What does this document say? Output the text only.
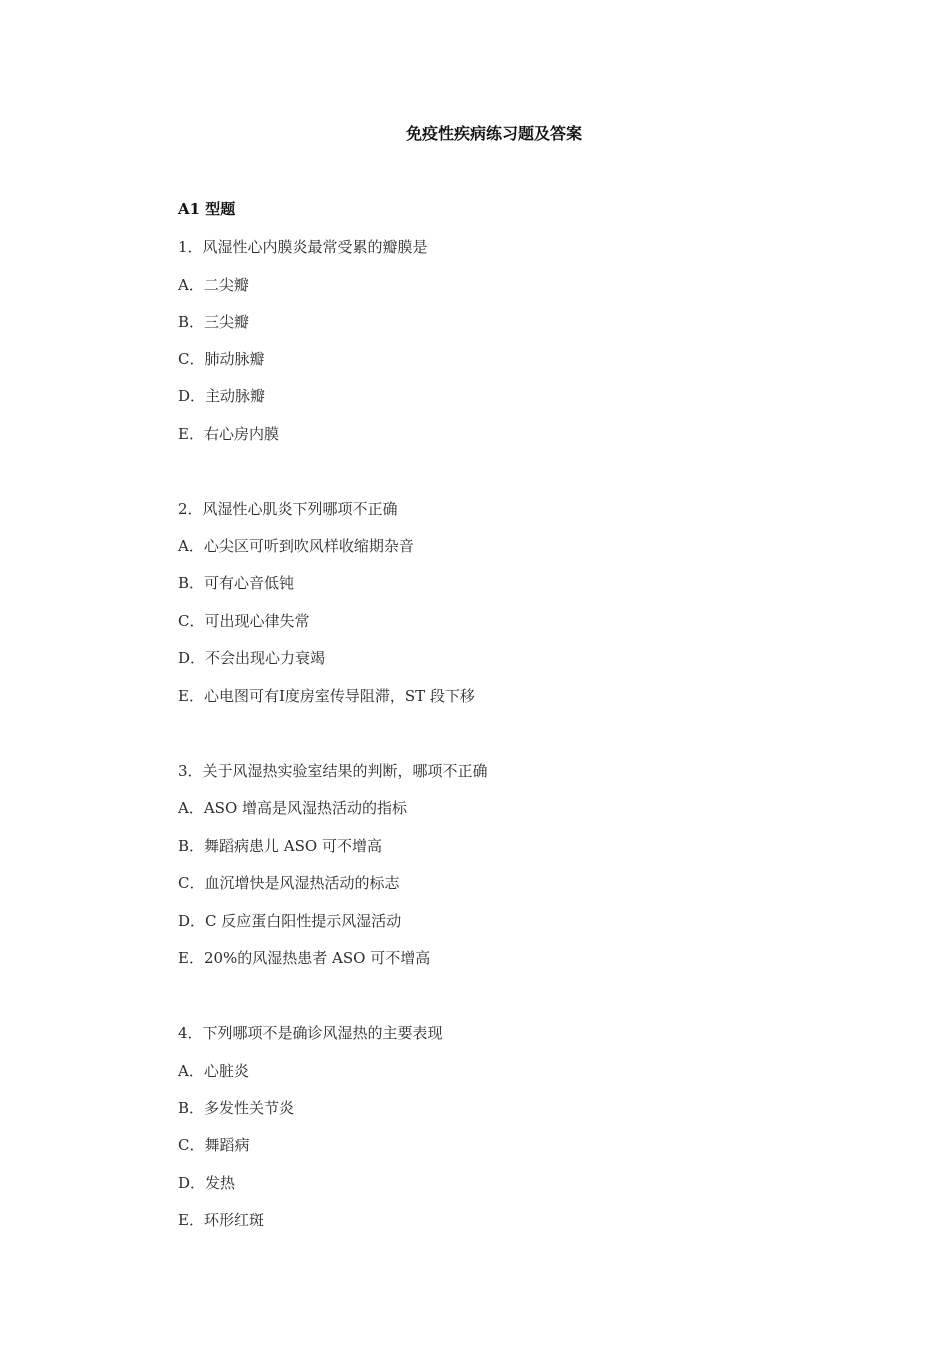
免疫性疾病练习题及答案
A1 型题
1．风湿性心内膜炎最常受累的瓣膜是
A．二尖瓣
B．三尖瓣
C．肺动脉瓣
D．主动脉瓣
E．右心房内膜
2．风湿性心肌炎下列哪项不正确
A．心尖区可听到吹风样收缩期杂音
B．可有心音低钝
C．可出现心律失常
D．不会出现心力衰竭
E．心电图可有Ⅰ度房室传导阻滞，ST 段下移
3．关于风湿热实验室结果的判断，哪项不正确
A．ASO 增高是风湿热活动的指标
B．舞蹈病患儿 ASO 可不增高
C．血沉增快是风湿热活动的标志
D．C 反应蛋白阳性提示风湿活动
E．20%的风湿热患者 ASO 可不增高
4．下列哪项不是确诊风湿热的主要表现
A．心脏炎
B．多发性关节炎
C．舞蹈病
D．发热
E．环形红斑
